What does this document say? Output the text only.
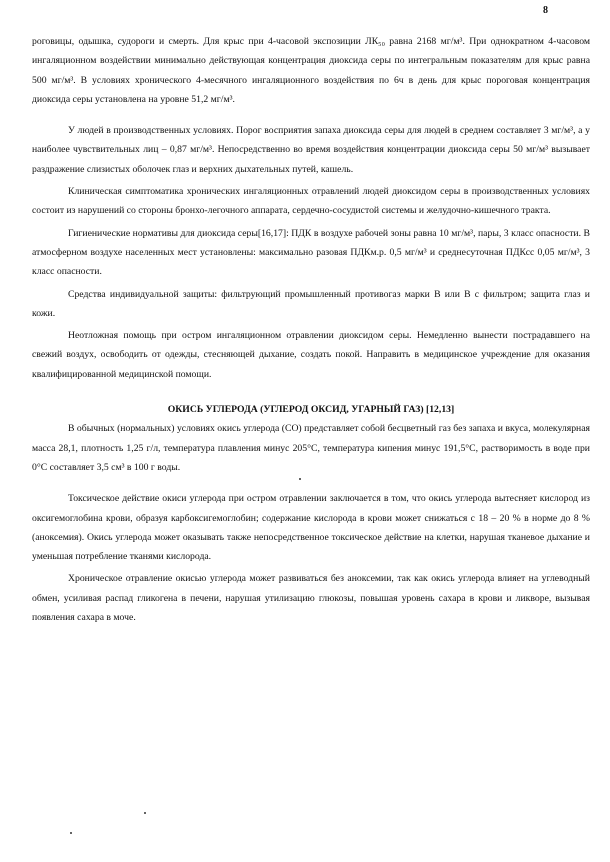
8

роговицы, одышка, судороги и смерть. Для крыс при 4-часовой экспозиции ЛК₅₀ равна 2168 мг/м³. При однократном 4-часовом ингаляционном воздействии минимально действующая концентрация диоксида серы по интегральным показателям для крыс равна 500 мг/м³. В условиях хронического 4-месячного ингаляционного воздействия по 6ч в день для крыс пороговая концентрация диоксида серы установлена на уровне 51,2 мг/м³.

У людей в производственных условиях. Порог восприятия запаха диоксида серы для людей в среднем составляет 3 мг/м³, а у наиболее чувствительных лиц – 0,87 мг/м³. Непосредственно во время воздействия концентрации диоксида серы 50 мг/м³ вызывает раздражение слизистых оболочек глаз и верхних дыхательных путей, кашель.

Клиническая симптоматика хронических ингаляционных отравлений людей диоксидом серы в производственных условиях состоит из нарушений со стороны бронхо-легочного аппарата, сердечно-сосудистой системы и желудочно-кишечного тракта.

Гигиенические нормативы для диоксида серы[16,17]: ПДК в воздухе рабочей зоны равна 10 мг/м³, пары, 3 класс опасности. В атмосферном воздухе населенных мест установлены: максимально разовая ПДКм.р. 0,5 мг/м³ и среднесуточная ПДКсс 0,05 мг/м³, 3 класс опасности.

Средства индивидуальной защиты: фильтрующий промышленный противогаз марки В или В с фильтром; защита глаз и кожи.

Неотложная помощь при остром ингаляционном отравлении диоксидом серы. Немедленно вынести пострадавшего на свежий воздух, освободить от одежды, стесняющей дыхание, создать покой. Направить в медицинское учреждение для оказания квалифицированной медицинской помощи.

ОКИСЬ УГЛЕРОДА (УГЛЕРОД ОКСИД, УГАРНЫЙ ГАЗ) [12,13]

В обычных (нормальных) условиях окись углерода (СО) представляет собой бесцветный газ без запаха и вкуса, молекулярная масса 28,1, плотность 1,25 г/л, температура плавления минус 205°С, температура кипения минус 191,5°С, растворимость в воде при 0°С составляет 3,5 см³ в 100 г воды.

Токсическое действие окиси углерода при остром отравлении заключается в том, что окись углерода вытесняет кислород из оксигемоглобина крови, образуя карбоксигемоглобин; содержание кислорода в крови может снижаться с 18 – 20 % в норме до 8 % (аноксемия). Окись углерода может оказывать также непосредственное токсическое действие на клетки, нарушая тканевое дыхание и уменьшая потребление тканями кислорода.

Хроническое отравление окисью углерода может развиваться без аноксемии, так как окись углерода влияет на углеводный обмен, усиливая распад гликогена в печени, нарушая утилизацию глюкозы, повышая уровень сахара в крови и ликворе, вызывая появления сахара в моче.
